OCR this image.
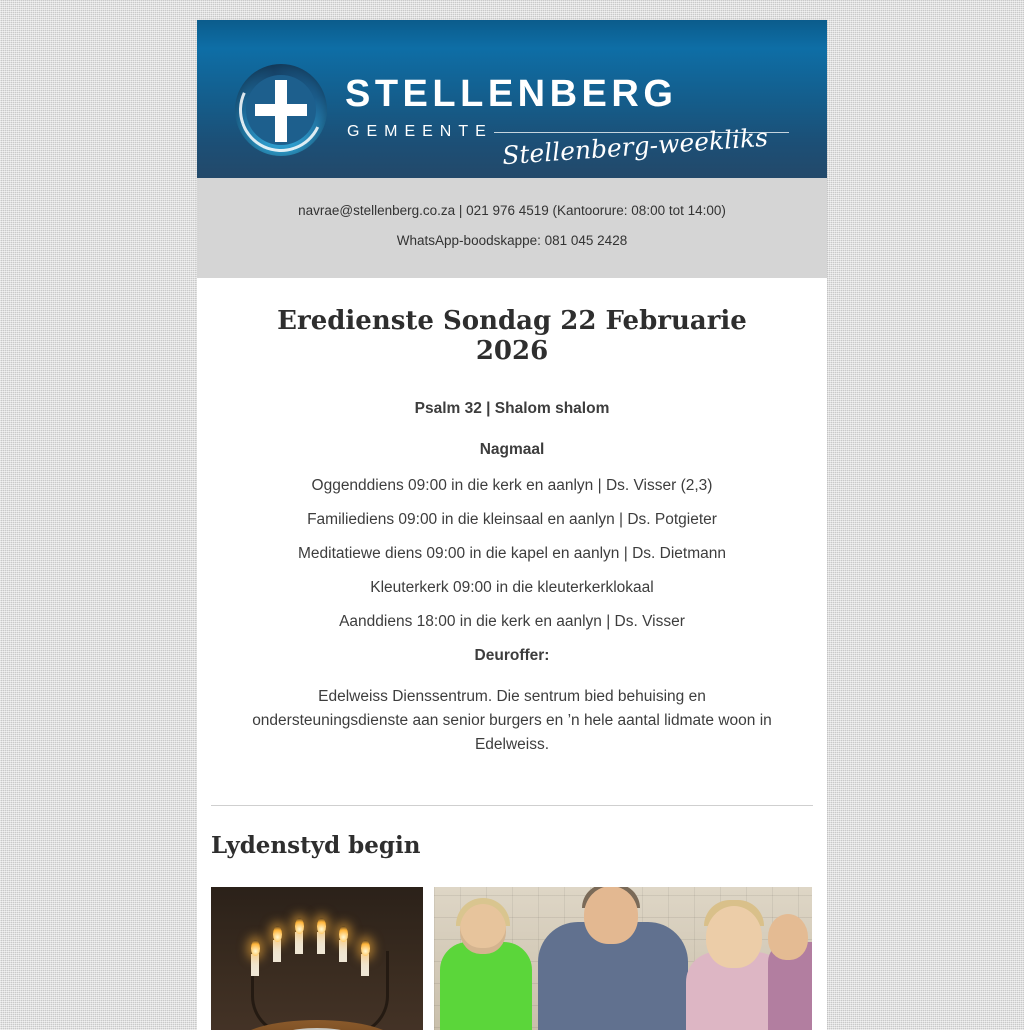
STELLENBERG
GEMEENTE Stellenberg-weekliks
navrae@stellenberg.co.za | 021 976 4519 (Kantoorure: 08:00 tot 14:00)
WhatsApp-boodskappe: 081 045 2428
Eredienste Sondag 22 Februarie 2026
Psalm 32 | Shalom shalom
Nagmaal
Oggenddiens 09:00 in die kerk en aanlyn | Ds. Visser (2,3)
Familiediens 09:00 in die kleinsaal en aanlyn | Ds. Potgieter
Meditatiewe diens 09:00 in die kapel en aanlyn | Ds. Dietmann
Kleuterkerk 09:00 in die kleuterkerklokaal
Aanddiens 18:00 in die kerk en aanlyn | Ds. Visser
Deuroffer:
Edelweiss Dienssentrum. Die sentrum bied behuising en ondersteuningsdienste aan senior burgers en ’n hele aantal lidmate woon in Edelweiss.
Lydenstyd begin
